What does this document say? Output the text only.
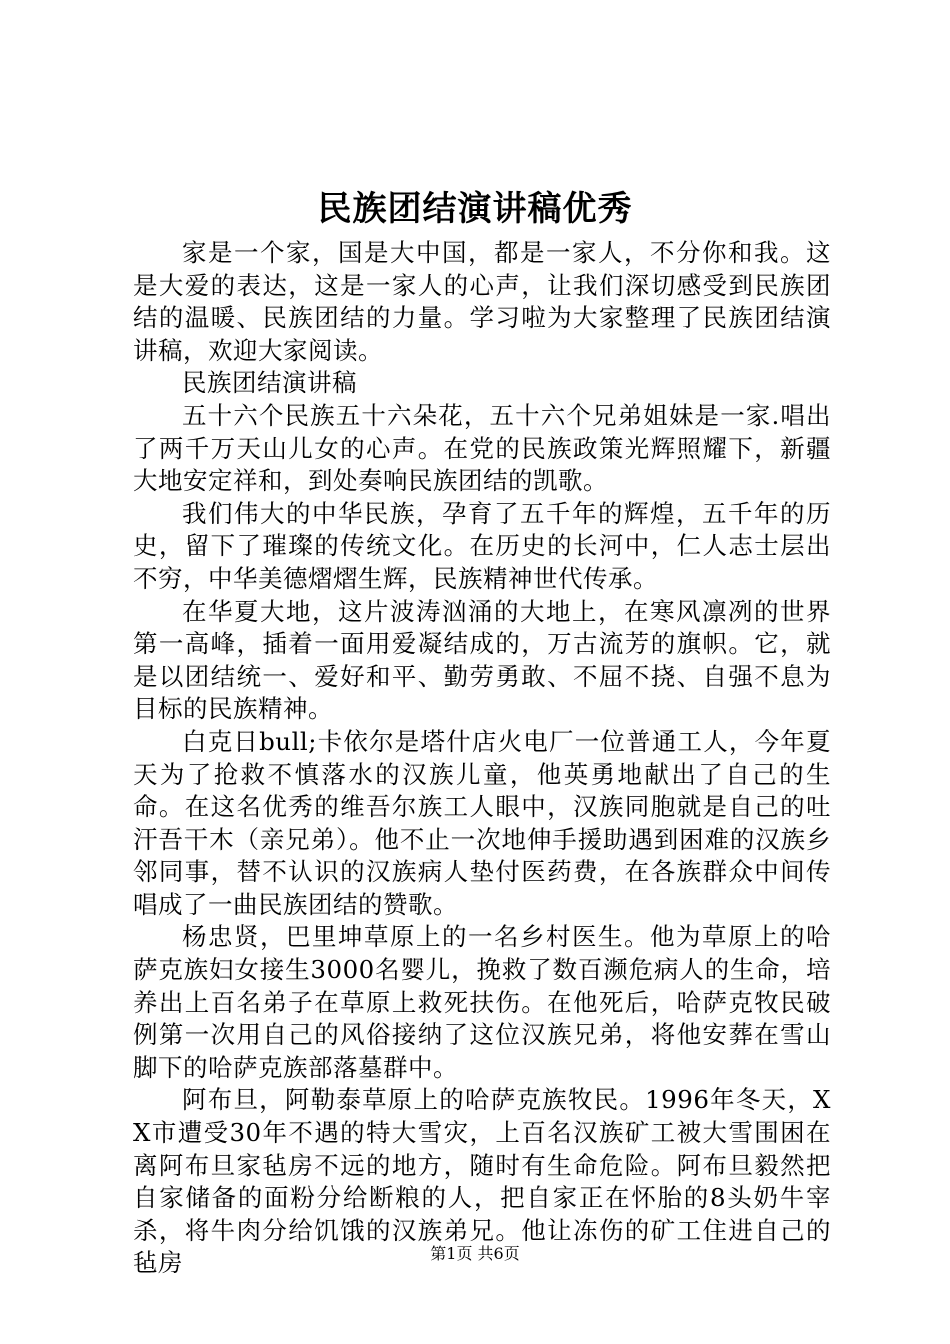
民族团结演讲稿优秀

家是一个家，国是大中国，都是一家人，不分你和我。这是大爱的表达，这是一家人的心声，让我们深切感受到民族团结的温暖、民族团结的力量。学习啦为大家整理了民族团结演讲稿，欢迎大家阅读。

民族团结演讲稿

五十六个民族五十六朵花，五十六个兄弟姐妹是一家.唱出了两千万天山儿女的心声。在党的民族政策光辉照耀下，新疆大地安定祥和，到处奏响民族团结的凯歌。

我们伟大的中华民族，孕育了五千年的辉煌，五千年的历史，留下了璀璨的传统文化。在历史的长河中，仁人志士层出不穷，中华美德熠熠生辉，民族精神世代传承。

在华夏大地，这片波涛汹涌的大地上，在寒风凛冽的世界第一高峰，插着一面用爱凝结成的，万古流芳的旗帜。它，就是以团结统一、爱好和平、勤劳勇敢、不屈不挠、自强不息为目标的民族精神。

白克日bull;卡依尔是塔什店火电厂一位普通工人，今年夏天为了抢救不慎落水的汉族儿童，他英勇地献出了自己的生命。在这名优秀的维吾尔族工人眼中，汉族同胞就是自己的吐汗吾干木（亲兄弟）。他不止一次地伸手援助遇到困难的汉族乡邻同事，替不认识的汉族病人垫付医药费，在各族群众中间传唱成了一曲民族团结的赞歌。

杨忠贤，巴里坤草原上的一名乡村医生。他为草原上的哈萨克族妇女接生3000名婴儿，挽救了数百濒危病人的生命，培养出上百名弟子在草原上救死扶伤。在他死后，哈萨克牧民破例第一次用自己的风俗接纳了这位汉族兄弟，将他安葬在雪山脚下的哈萨克族部落墓群中。

阿布旦，阿勒泰草原上的哈萨克族牧民。1996年冬天，XX市遭受30年不遇的特大雪灾，上百名汉族矿工被大雪围困在离阿布旦家毡房不远的地方，随时有生命危险。阿布旦毅然把自家储备的面粉分给断粮的人，把自家正在怀胎的8头奶牛宰杀，将牛肉分给饥饿的汉族弟兄。他让冻伤的矿工住进自己的毡房	第1页 共6页
